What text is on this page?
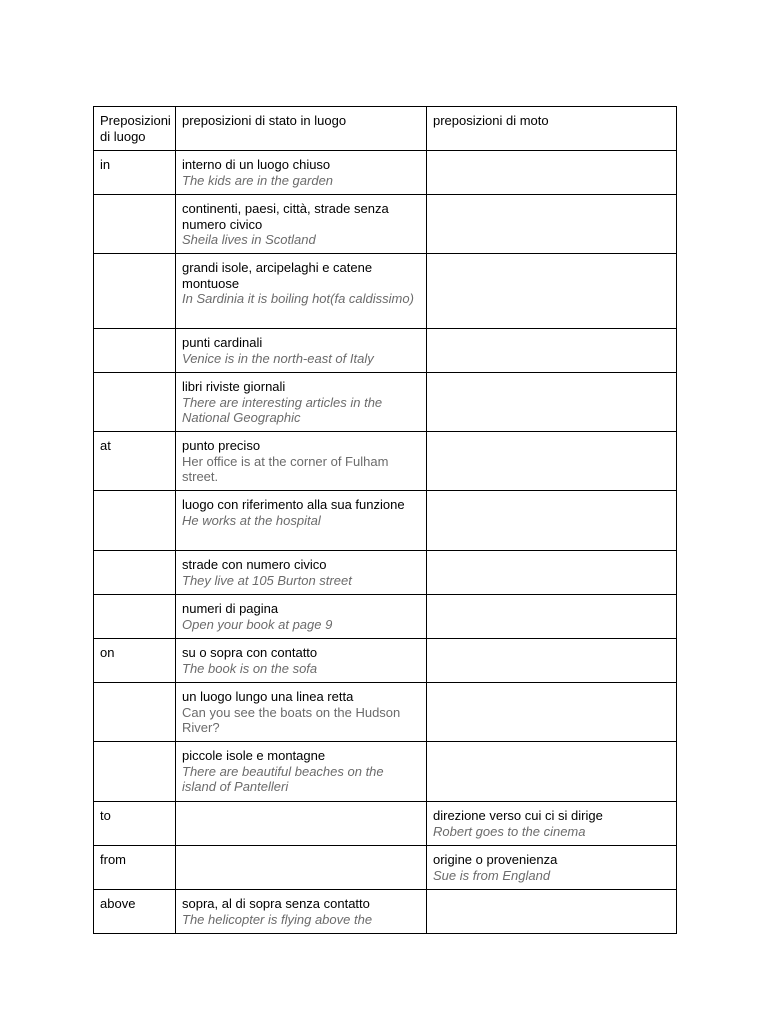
Preposizioni di luogo	preposizioni di stato in luogo	preposizioni di moto
in	interno di un luogo chiuso
The kids are in the garden	

	continenti, paesi, città, strade senza numero civico
Sheila lives in Scotland	

	grandi isole, arcipelaghi e catene montuose
In Sardinia it is boiling hot(fa caldissimo)	

	punti cardinali
Venice is in the north-east of Italy	

	libri riviste giornali
There are interesting articles in the National Geographic	

at	punto preciso
Her office is at the corner of Fulham street.	

	luogo con riferimento alla sua funzione
He works at the hospital	

	strade con numero civico
They live at 105 Burton street	

	numeri di pagina
Open your book at page 9	

on	su o sopra con contatto
The book is on the sofa	

	un luogo lungo una linea retta
Can you see the boats on the Hudson River?	

	piccole isole e montagne
There are beautiful beaches on the island of Pantelleri	

to		direzione verso cui ci si dirige
Robert goes to the cinema

from		origine o provenienza
Sue is from England

above	sopra, al di sopra senza contatto
The helicopter is flying above the	
